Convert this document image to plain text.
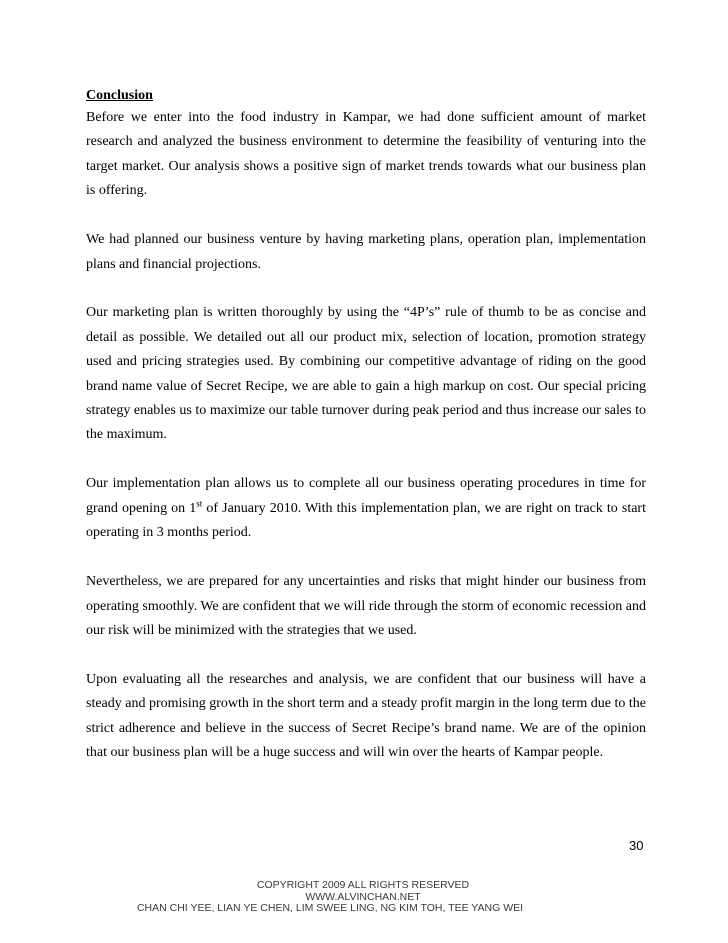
Conclusion

Before we enter into the food industry in Kampar, we had done sufficient amount of market research and analyzed the business environment to determine the feasibility of venturing into the target market. Our analysis shows a positive sign of market trends towards what our business plan is offering.

We had planned our business venture by having marketing plans, operation plan, implementation plans and financial projections.

Our marketing plan is written thoroughly by using the “4P’s” rule of thumb to be as concise and detail as possible. We detailed out all our product mix, selection of location, promotion strategy used and pricing strategies used. By combining our competitive advantage of riding on the good brand name value of Secret Recipe, we are able to gain a high markup on cost. Our special pricing strategy enables us to maximize our table turnover during peak period and thus increase our sales to the maximum.

Our implementation plan allows us to complete all our business operating procedures in time for grand opening on 1st of January 2010. With this implementation plan, we are right on track to start operating in 3 months period.

Nevertheless, we are prepared for any uncertainties and risks that might hinder our business from operating smoothly. We are confident that we will ride through the storm of economic recession and our risk will be minimized with the strategies that we used.

Upon evaluating all the researches and analysis, we are confident that our business will have a steady and promising growth in the short term and a steady profit margin in the long term due to the strict adherence and believe in the success of Secret Recipe’s brand name. We are of the opinion that our business plan will be a huge success and will win over the hearts of Kampar people.

30
COPYRIGHT 2009 ALL RIGHTS RESERVED
WWW.ALVINCHAN.NET
CHAN CHI YEE, LIAN YE CHEN, LIM SWEE LING, NG KIM TOH, TEE YANG WEI
